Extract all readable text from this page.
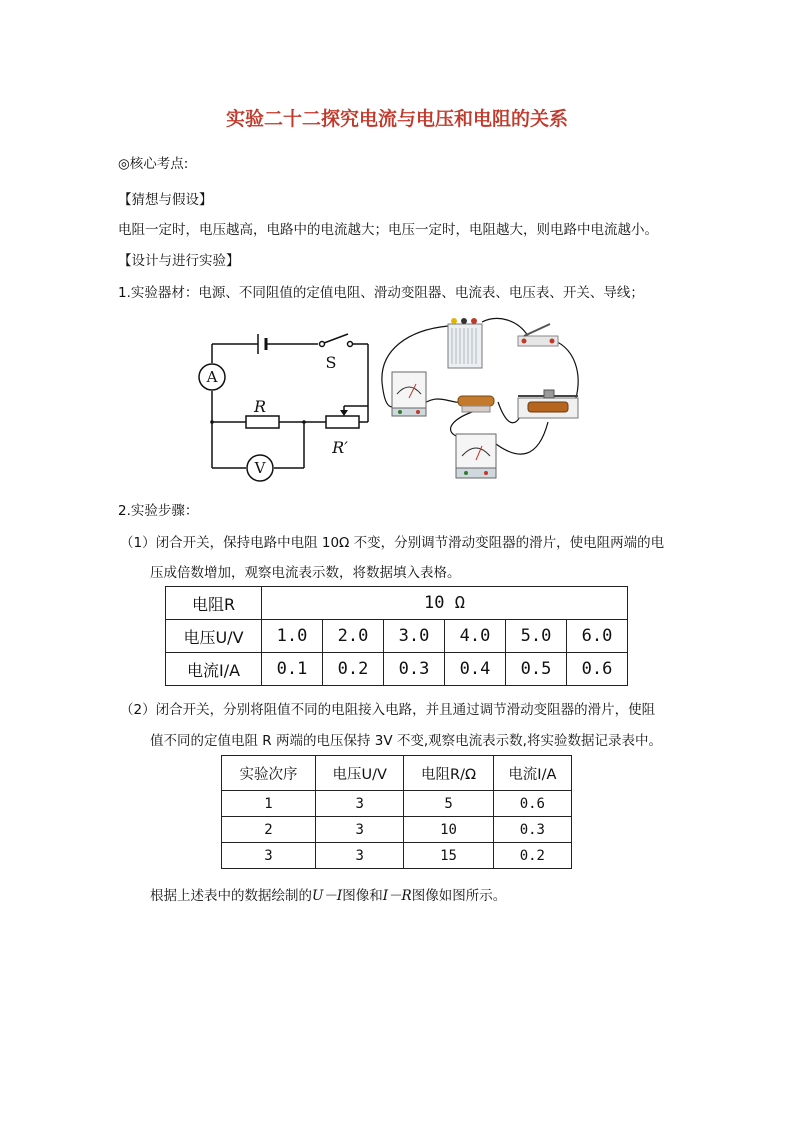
实验二十二探究电流与电压和电阻的关系
◎核心考点:
【猜想与假设】
电阻一定时，电压越高，电路中的电流越大；电压一定时，电阻越大，则电路中电流越小。
【设计与进行实验】
1.实验器材：电源、不同阻值的定值电阻、滑动变阻器、电流表、电压表、开关、导线；
A
V
S
R
R′
2.实验步骤：
（1）闭合开关，保持电路中电阻 10Ω 不变，分别调节滑动变阻器的滑片，使电阻两端的电
压成倍数增加，观察电流表示数，将数据填入表格。
电阻R	10 Ω					
电压U/V	1.0	2.0	3.0	4.0	5.0	6.0
电流I/A	0.1	0.2	0.3	0.4	0.5	0.6
（2）闭合开关，分别将阻值不同的电阻接入电路，并且通过调节滑动变阻器的滑片，使阻
值不同的定值电阻 R 两端的电压保持 3V 不变,观察电流表示数,将实验数据记录表中。
实验次序	电压U/V	电阻R/Ω	电流I/A
1	3	5	0.6
2	3	10	0.3
3	3	15	0.2
根据上述表中的数据绘制的U－I图像和I－R图像如图所示。
